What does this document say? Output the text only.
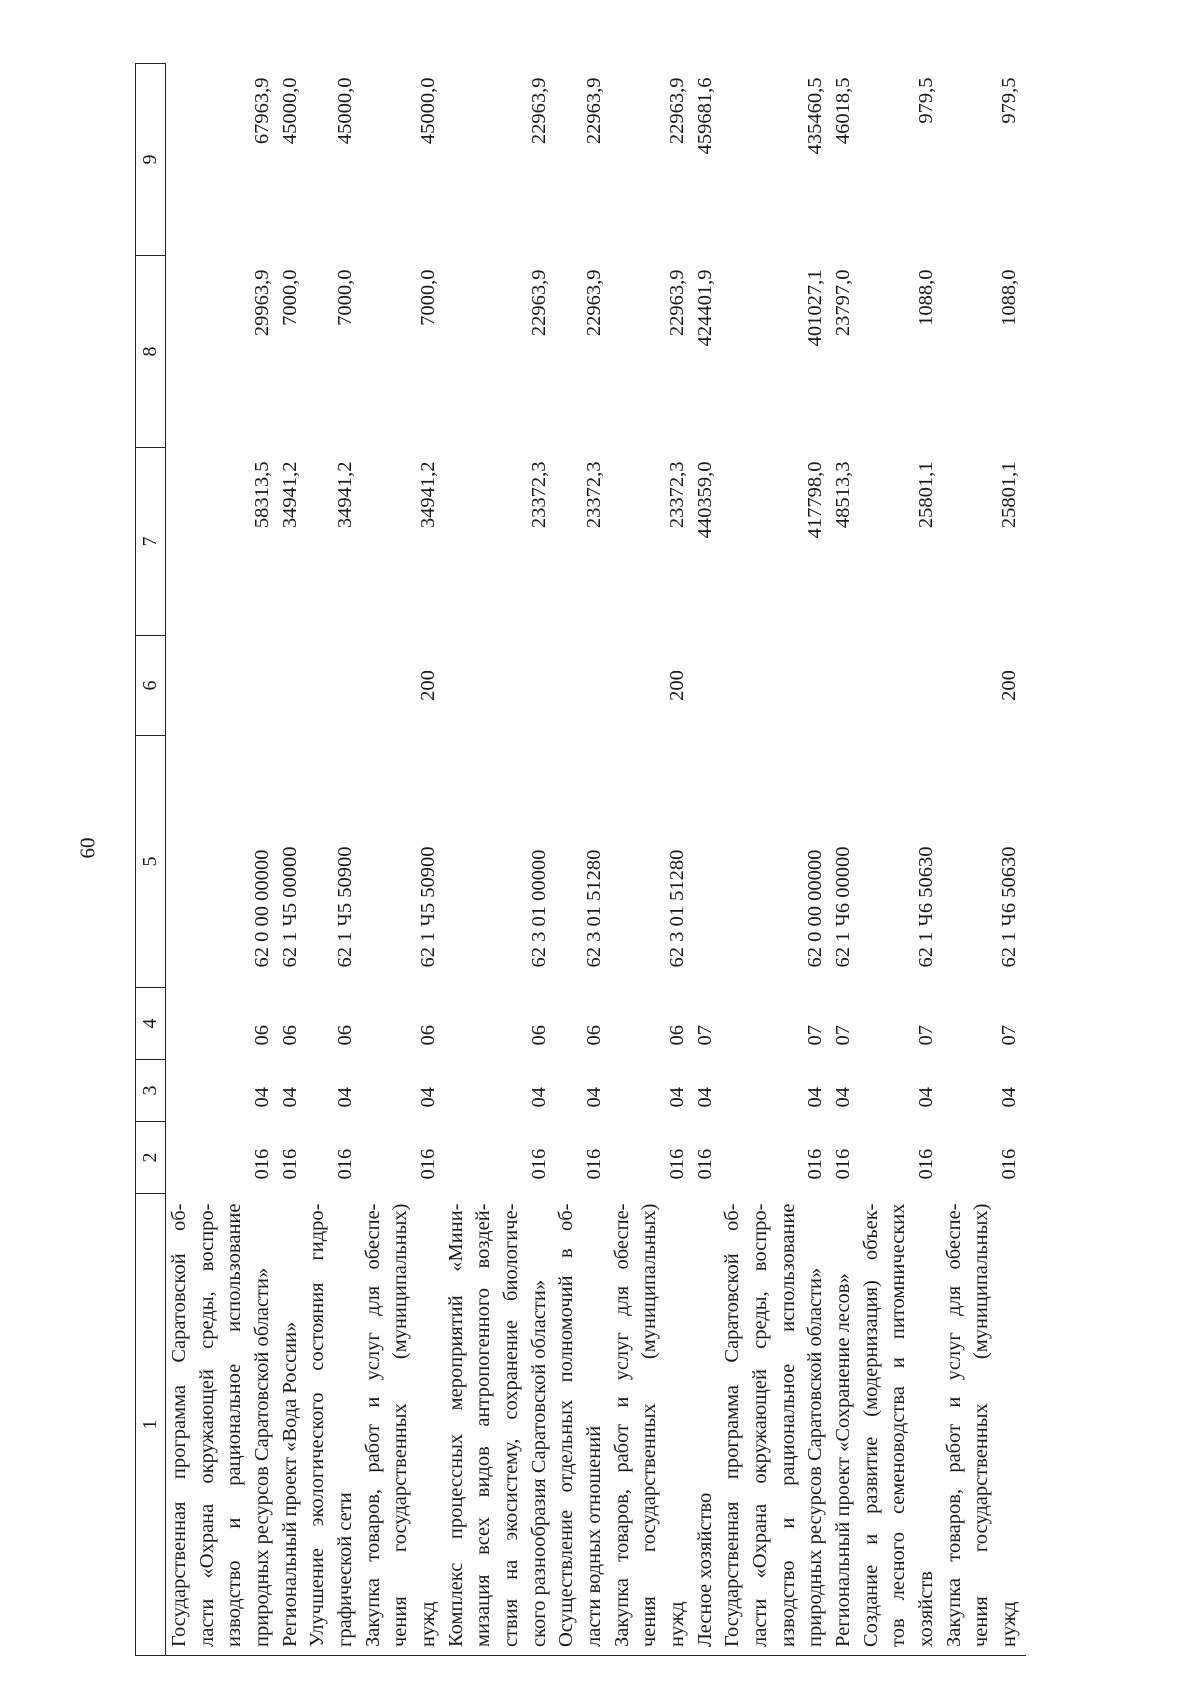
60
1	2	3	4	5	6	7	8	9

Государственная программа Саратовской об- ласти «Охрана окружающей среды, воспро- изводство и рациональное использование природных ресурсов Саратовской области»	016	04	06	62 0 00 00000		58313,5	29963,9	67963,9

Региональный проект «Вода России»	016	04	06	62 1 Ч5 00000		34941,2	7000,0	45000,0

Улучшение экологического состояния гидро- графической сети	016	04	06	62 1 Ч5 50900		34941,2	7000,0	45000,0

Закупка товаров, работ и услуг для обеспе- чения государственных (муниципальных) нужд	016	04	06	62 1 Ч5 50900	200	34941,2	7000,0	45000,0

Комплекс процессных мероприятий «Мини- мизация всех видов антропогенного воздей- ствия на экосистему, сохранение биологиче- ского разнообразия Саратовской области»	016	04	06	62 3 01 00000		23372,3	22963,9	22963,9

Осуществление отдельных полномочий в об- ласти водных отношений	016	04	06	62 3 01 51280		23372,3	22963,9	22963,9

Закупка товаров, работ и услуг для обеспе- чения государственных (муниципальных) нужд	016	04	06	62 3 01 51280	200	23372,3	22963,9	22963,9

Лесное хозяйство	016	04	07			440359,0	424401,9	459681,6

Государственная программа Саратовской об- ласти «Охрана окружающей среды, воспро- изводство и рациональное использование природных ресурсов Саратовской области»	016	04	07	62 0 00 00000		417798,0	401027,1	435460,5

Региональный проект «Сохранение лесов»	016	04	07	62 1 Ч6 00000		48513,3	23797,0	46018,5

Создание и развитие (модернизация) объек- тов лесного семеноводства и питомнических хозяйств	016	04	07	62 1 Ч6 50630		25801,1	1088,0	979,5

Закупка товаров, работ и услуг для обеспе- чения государственных (муниципальных) нужд	016	04	07	62 1 Ч6 50630	200	25801,1	1088,0	979,5
